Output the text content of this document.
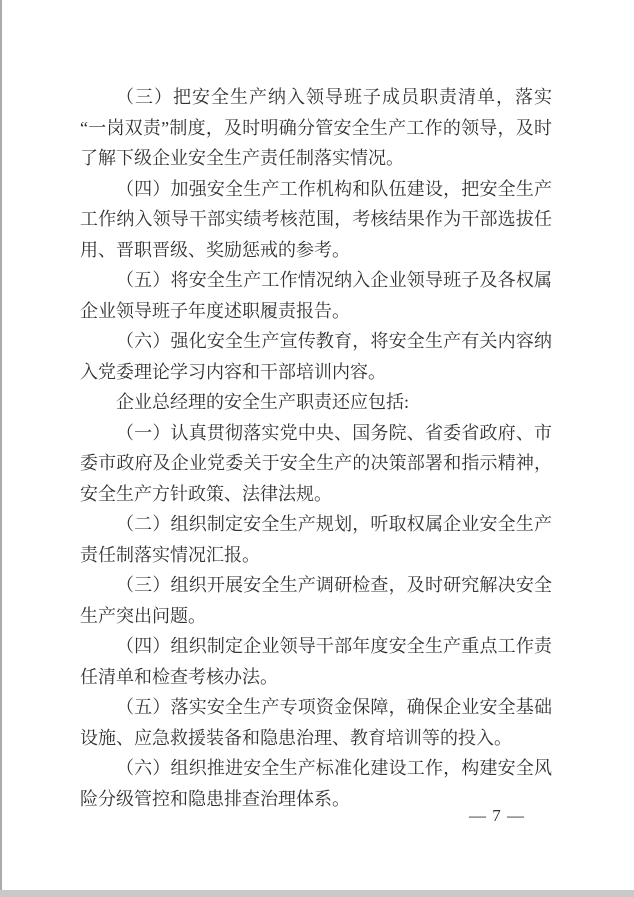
（三）把安全生产纳入领导班子成员职责清单，落实“一岗双责”制度，及时明确分管安全生产工作的领导，及时了解下级企业安全生产责任制落实情况。

（四）加强安全生产工作机构和队伍建设，把安全生产工作纳入领导干部实绩考核范围，考核结果作为干部选拔任用、晋职晋级、奖励惩戒的参考。

（五）将安全生产工作情况纳入企业领导班子及各权属企业领导班子年度述职履责报告。

（六）强化安全生产宣传教育，将安全生产有关内容纳入党委理论学习内容和干部培训内容。

企业总经理的安全生产职责还应包括:

（一）认真贯彻落实党中央、国务院、省委省政府、市委市政府及企业党委关于安全生产的决策部署和指示精神，安全生产方针政策、法律法规。

（二）组织制定安全生产规划，听取权属企业安全生产责任制落实情况汇报。

（三）组织开展安全生产调研检查，及时研究解决安全生产突出问题。

（四）组织制定企业领导干部年度安全生产重点工作责任清单和检查考核办法。

（五）落实安全生产专项资金保障，确保企业安全基础设施、应急救援装备和隐患治理、教育培训等的投入。

（六）组织推进安全生产标准化建设工作，构建安全风险分级管控和隐患排查治理体系。

— 7 —
